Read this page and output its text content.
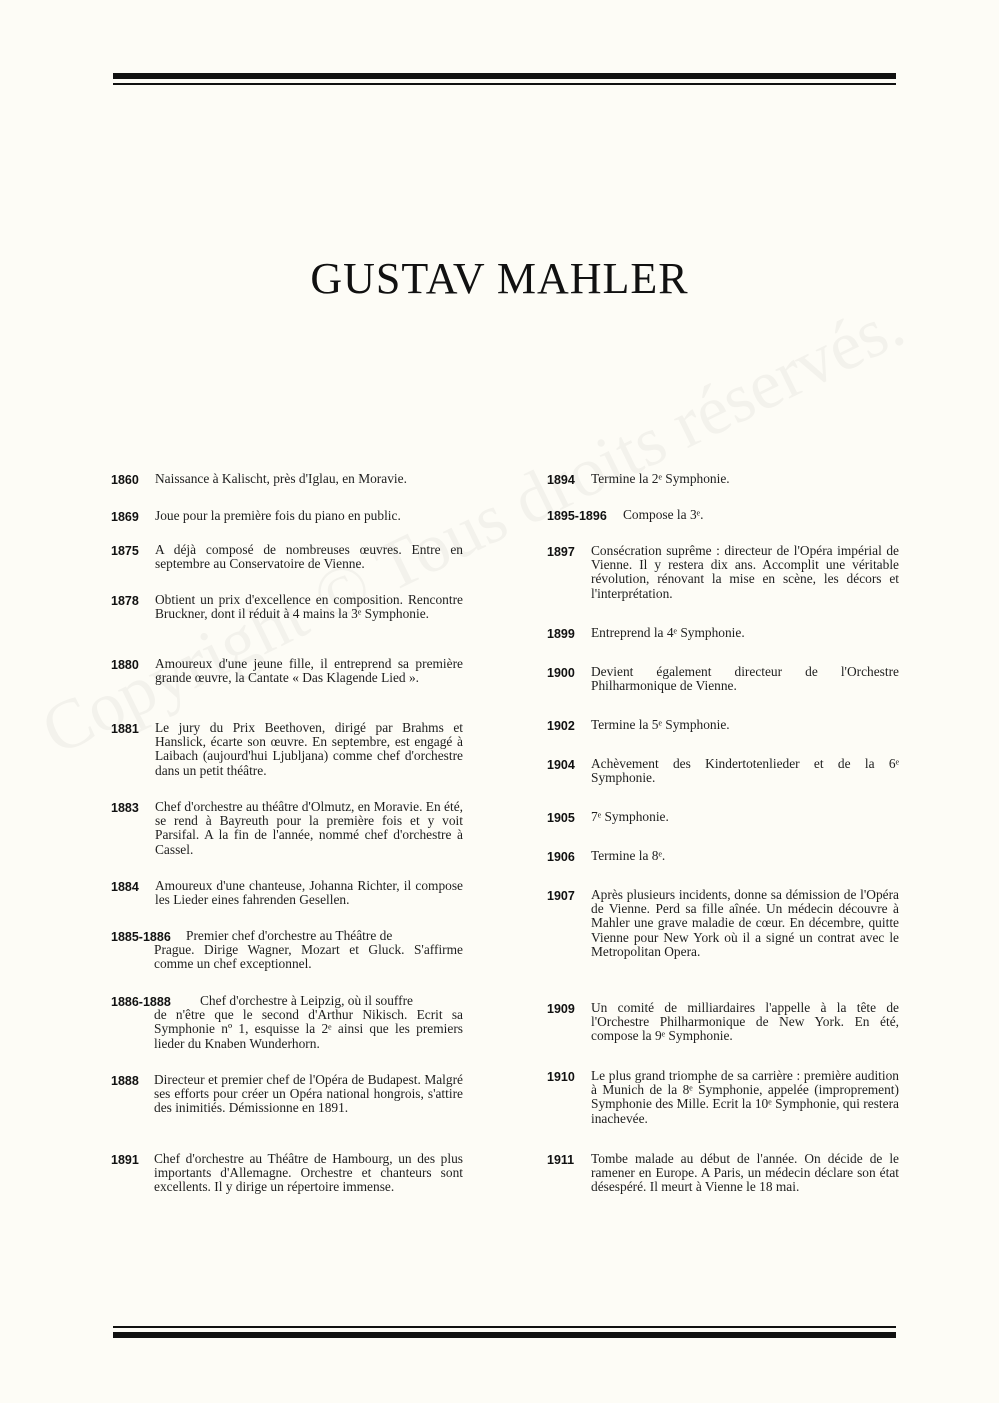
GUSTAV MAHLER
1860	Naissance à Kalischt, près d'Iglau, en Moravie.
1869	Joue pour la première fois du piano en public.
1875	A déjà composé de nombreuses œuvres. Entre en septembre au Conservatoire de Vienne.
1878	Obtient un prix d'excellence en composition. Rencontre Bruckner, dont il réduit à 4 mains la 3ᵉ Symphonie.
1880	Amoureux d'une jeune fille, il entreprend sa première grande œuvre, la Cantate « Das Klagende Lied ».
1881	Le jury du Prix Beethoven, dirigé par Brahms et Hanslick, écarte son œuvre. En septembre, est engagé à Laibach (aujourd'hui Ljubljana) comme chef d'orchestre dans un petit théâtre.
1883	Chef d'orchestre au théâtre d'Olmutz, en Moravie. En été, se rend à Bayreuth pour la première fois et y voit Parsifal. A la fin de l'année, nommé chef d'orchestre à Cassel.
1884	Amoureux d'une chanteuse, Johanna Richter, il compose les Lieder eines fahrenden Gesellen.
1885-1886	Premier chef d'orchestre au Théâtre de
Prague. Dirige Wagner, Mozart et Gluck. S'affirme comme un chef exceptionnel.
1886-1888	Chef d'orchestre à Leipzig, où il souffre
de n'être que le second d'Arthur Nikisch. Ecrit sa Symphonie nº 1, esquisse la 2ᵉ ainsi que les premiers lieder du Knaben Wunderhorn.
1888	Directeur et premier chef de l'Opéra de Budapest. Malgré ses efforts pour créer un Opéra national hongrois, s'attire des inimitiés. Démissionne en 1891.
1891	Chef d'orchestre au Théâtre de Hambourg, un des plus importants d'Allemagne. Orchestre et chanteurs sont excellents. Il y dirige un répertoire immense.
1894	Termine la 2ᵉ Symphonie.
1895-1896	Compose la 3ᵉ.
1897	Consécration suprême : directeur de l'Opéra impérial de Vienne. Il y restera dix ans. Accomplit une véritable révolution, rénovant la mise en scène, les décors et l'interprétation.
1899	Entreprend la 4ᵉ Symphonie.
1900	Devient également directeur de l'Orchestre Philharmonique de Vienne.
1902	Termine la 5ᵉ Symphonie.
1904	Achèvement des Kindertotenlieder et de la 6ᵉ Symphonie.
1905	7ᵉ Symphonie.
1906	Termine la 8ᵉ.
1907	Après plusieurs incidents, donne sa démission de l'Opéra de Vienne. Perd sa fille aînée. Un médecin découvre à Mahler une grave maladie de cœur. En décembre, quitte Vienne pour New York où il a signé un contrat avec le Metropolitan Opera.
1909	Un comité de milliardaires l'appelle à la tête de l'Orchestre Philharmonique de New York. En été, compose la 9ᵉ Symphonie.
1910	Le plus grand triomphe de sa carrière : première audition à Munich de la 8ᵉ Symphonie, appelée (improprement) Symphonie des Mille. Ecrit la 10ᵉ Symphonie, qui restera inachevée.
1911	Tombe malade au début de l'année. On décide de le ramener en Europe. A Paris, un médecin déclare son état désespéré. Il meurt à Vienne le 18 mai.
